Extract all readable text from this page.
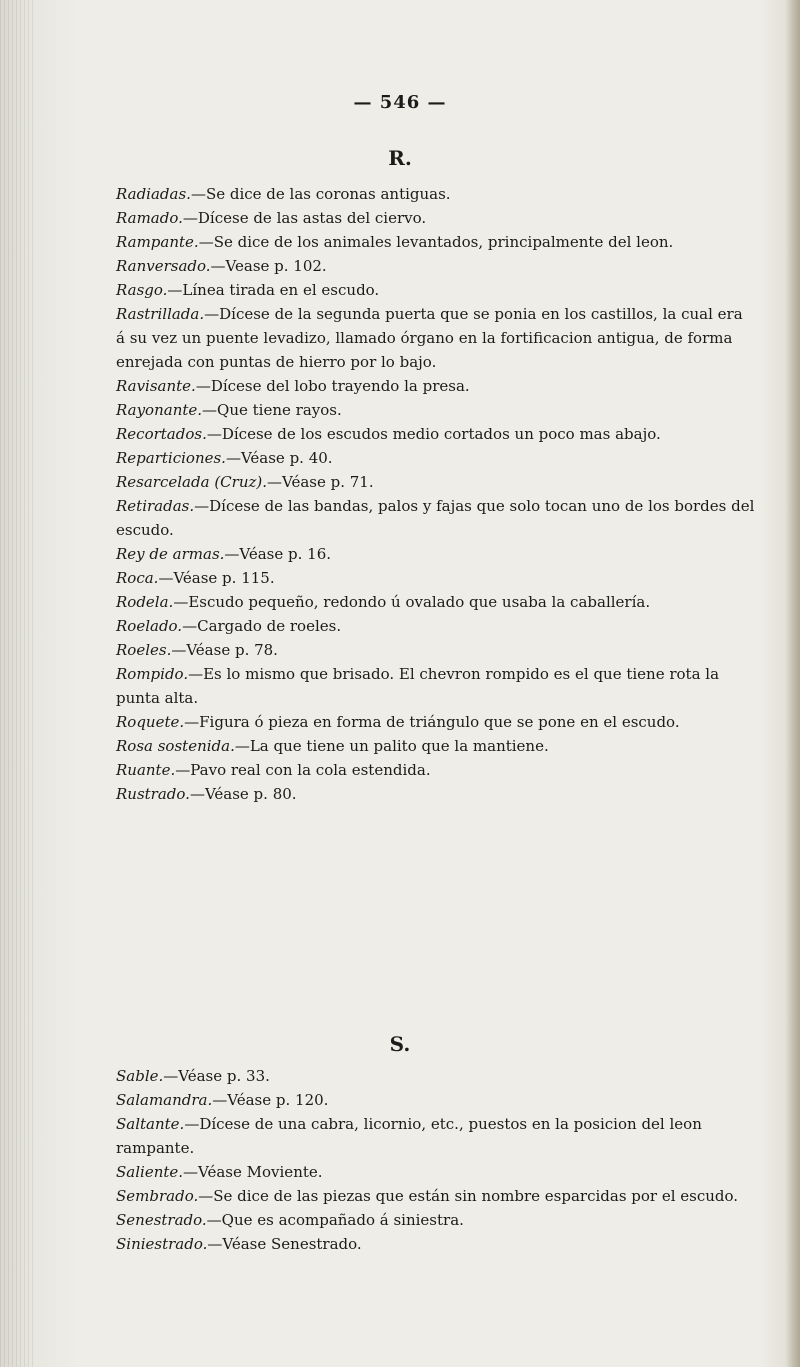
— 546 —
R.

Radiadas.—Se dice de las coronas antiguas.

Ramado.—Dícese de las astas del ciervo.

Rampante.—Se dice de los animales levantados, principalmente del leon.

Ranversado.—Vease p. 102.

Rasgo.—Línea tirada en el escudo.

Rastrillada.—Dícese de la segunda puerta que se ponia en los castillos, la cual era á su vez un puente levadizo, llamado órgano en la fortificacion antigua, de forma enrejada con puntas de hierro por lo bajo.

Ravisante.—Dícese del lobo trayendo la presa.

Rayonante.—Que tiene rayos.

Recortados.—Dícese de los escudos medio cortados un poco mas abajo.

Reparticiones.—Véase p. 40.

Resarcelada (Cruz).—Véase p. 71.

Retiradas.—Dícese de las bandas, palos y fajas que solo tocan uno de los bordes del escudo.

Rey de armas.—Véase p. 16.

Roca.—Véase p. 115.

Rodela.—Escudo pequeño, redondo ú ovalado que usaba la caballería.

Roelado.—Cargado de roeles.

Roeles.—Véase p. 78.

Rompido.—Es lo mismo que brisado. El chevron rompido es el que tiene rota la punta alta.

Roquete.—Figura ó pieza en forma de triángulo que se pone en el escudo.

Rosa sostenida.—La que tiene un palito que la mantiene.

Ruante.—Pavo real con la cola estendida.

Rustrado.—Véase p. 80.

S.

Sable.—Véase p. 33.

Salamandra.—Véase p. 120.

Saltante.—Dícese de una cabra, licornio, etc., puestos en la posicion del leon rampante.

Saliente.—Véase Moviente.

Sembrado.—Se dice de las piezas que están sin nombre esparcidas por el escudo.

Senestrado.—Que es acompañado á siniestra.

Siniestrado.—Véase Senestrado.
